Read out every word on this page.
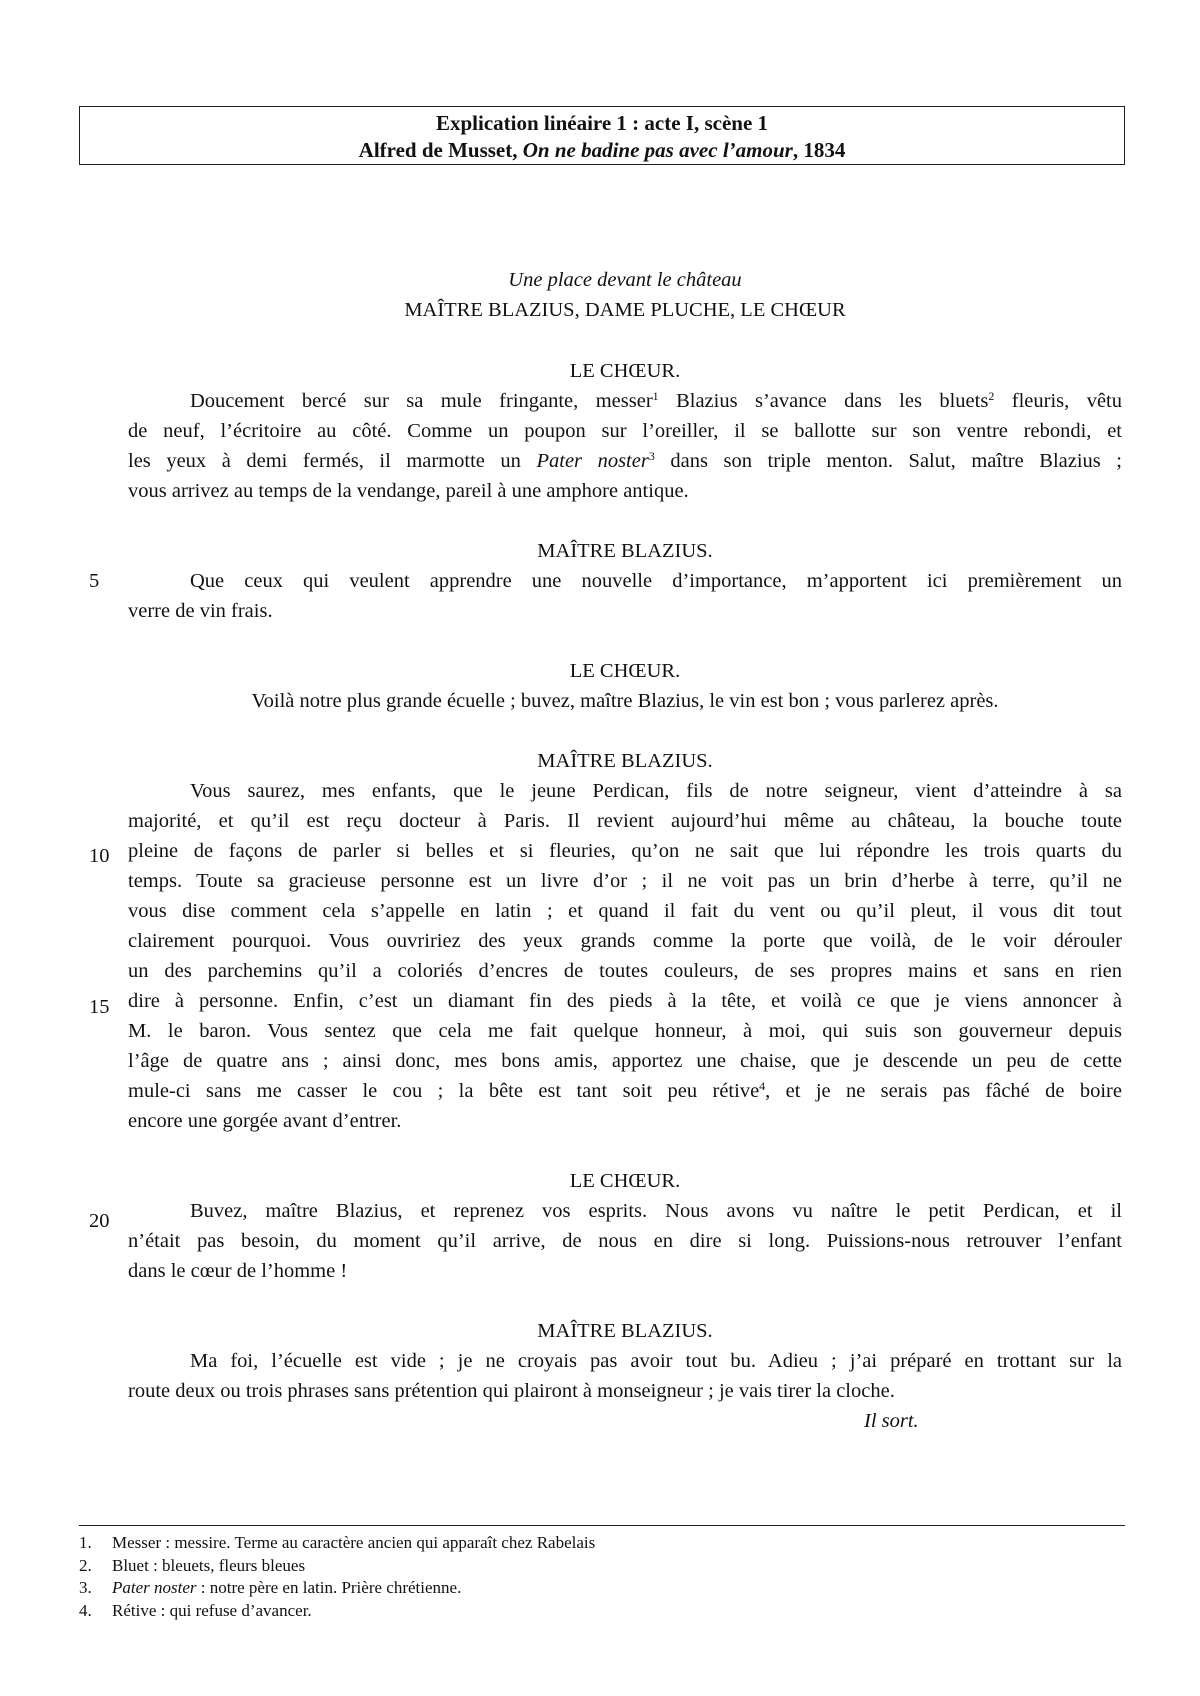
Explication linéaire 1 : acte I, scène 1
Alfred de Musset, On ne badine pas avec l’amour, 1834
5
10
15
20
Une place devant le château
MAÎTRE BLAZIUS, DAME PLUCHE, LE CHŒUR
LE CHŒUR.
Doucement bercé sur sa mule fringante, messer$^1$ Blazius s’avance dans les bluets$^2$ fleuris, vêtu
de neuf, l’écritoire au côté. Comme un poupon sur l’oreiller, il se ballotte sur son ventre rebondi, et
les yeux à demi fermés, il marmotte un Pater noster$^3$ dans son triple menton. Salut, maître Blazius ;
vous arrivez au temps de la vendange, pareil à une amphore antique.
MAÎTRE BLAZIUS.
Que ceux qui veulent apprendre une nouvelle d’importance, m’apportent ici premièrement un
verre de vin frais.
LE CHŒUR.
Voilà notre plus grande écuelle ; buvez, maître Blazius, le vin est bon ; vous parlerez après.
MAÎTRE BLAZIUS.
Vous saurez, mes enfants, que le jeune Perdican, fils de notre seigneur, vient d’atteindre à sa
majorité, et qu’il est reçu docteur à Paris. Il revient aujourd’hui même au château, la bouche toute
pleine de façons de parler si belles et si fleuries, qu’on ne sait que lui répondre les trois quarts du
temps. Toute sa gracieuse personne est un livre d’or ; il ne voit pas un brin d’herbe à terre, qu’il ne
vous dise comment cela s’appelle en latin ; et quand il fait du vent ou qu’il pleut, il vous dit tout
clairement pourquoi. Vous ouvririez des yeux grands comme la porte que voilà, de le voir dérouler
un des parchemins qu’il a coloriés d’encres de toutes couleurs, de ses propres mains et sans en rien
dire à personne. Enfin, c’est un diamant fin des pieds à la tête, et voilà ce que je viens annoncer à
M. le baron. Vous sentez que cela me fait quelque honneur, à moi, qui suis son gouverneur depuis
l’âge de quatre ans ; ainsi donc, mes bons amis, apportez une chaise, que je descende un peu de cette
mule-ci sans me casser le cou ; la bête est tant soit peu rétive$^4$, et je ne serais pas fâché de boire
encore une gorgée avant d’entrer.
LE CHŒUR.
Buvez, maître Blazius, et reprenez vos esprits. Nous avons vu naître le petit Perdican, et il
n’était pas besoin, du moment qu’il arrive, de nous en dire si long. Puissions-nous retrouver l’enfant
dans le cœur de l’homme !
MAÎTRE BLAZIUS.
Ma foi, l’écuelle est vide ; je ne croyais pas avoir tout bu. Adieu ; j’ai préparé en trottant sur la
route deux ou trois phrases sans prétention qui plairont à monseigneur ; je vais tirer la cloche.
Il sort.
1. Messer : messire. Terme au caractère ancien qui apparaît chez Rabelais
2. Bluet : bleuets, fleurs bleues
3. Pater noster : notre père en latin. Prière chrétienne.
4. Rétive : qui refuse d’avancer.
